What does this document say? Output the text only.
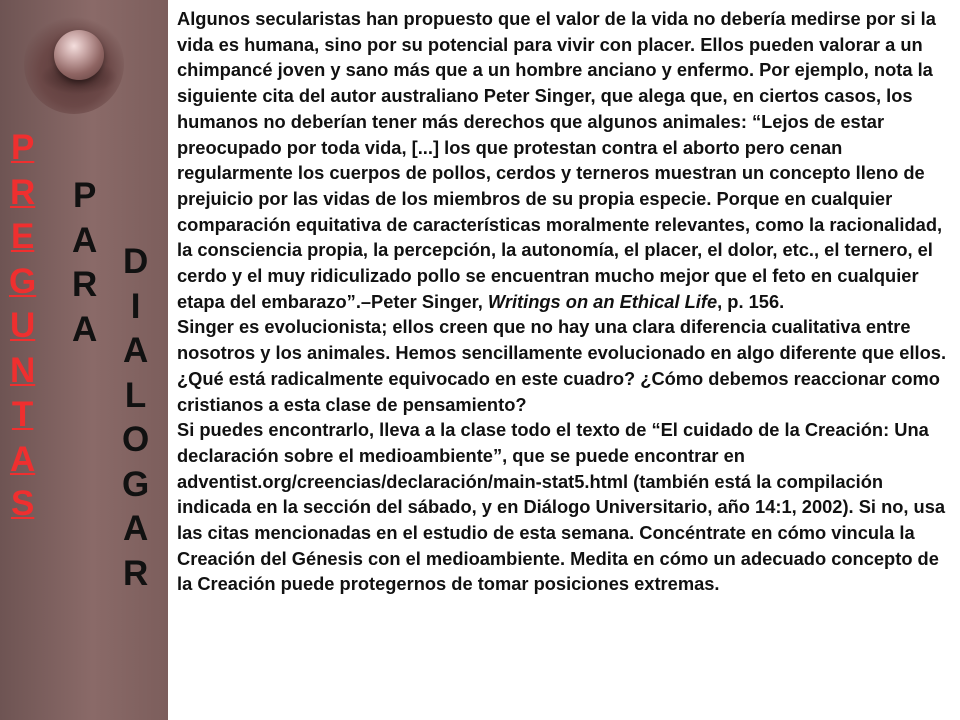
P
R
E
G
U
N
T
A
S
P
A
R
A
D
I
A
L
O
G
A
R

Algunos secularistas han propuesto que el valor de la vida no debería medirse por si la vida es humana, sino por su potencial para vivir con placer. Ellos pueden valorar a un chimpancé joven y sano más que a un hombre anciano y enfermo. Por ejemplo, nota la siguiente cita del autor australiano Peter Singer, que alega que, en ciertos casos, los humanos no deberían tener más derechos que algunos animales: “Lejos de estar preocupado por toda vida, [...] los que protestan contra el aborto pero cenan regularmente los cuerpos de pollos, cerdos y terneros muestran un concepto lleno de prejuicio por las vidas de los miembros de su propia especie. Porque en cualquier comparación equitativa de características moralmente relevantes, como la racionalidad, la consciencia propia, la percepción, la autonomía, el placer, el dolor, etc., el ternero, el cerdo y el muy ridiculizado pollo se encuentran mucho mejor que el feto en cualquier etapa del embarazo”.–Peter Singer, Writings on an Ethical Life, p. 156.

Singer es evolucionista; ellos creen que no hay una clara diferencia cualitativa entre nosotros y los animales. Hemos sencillamente evolucionado en algo diferente que ellos.

¿Qué está radicalmente equivocado en este cuadro? ¿Cómo debemos reaccionar como cristianos a esta clase de pensamiento?

Si puedes encontrarlo, lleva a la clase todo el texto de “El cuidado de la Creación: Una declaración sobre el medioambiente”, que se puede encontrar en adventist.org/creencias/declaración/main-stat5.html (también está la compilación indicada en la sección del sábado, y en Diálogo Universitario, año 14:1, 2002). Si no, usa las citas mencionadas en el estudio de esta semana. Concéntrate en cómo vincula la Creación del Génesis con el medioambiente. Medita en cómo un adecuado concepto de la Creación puede protegernos de tomar posiciones extremas.
